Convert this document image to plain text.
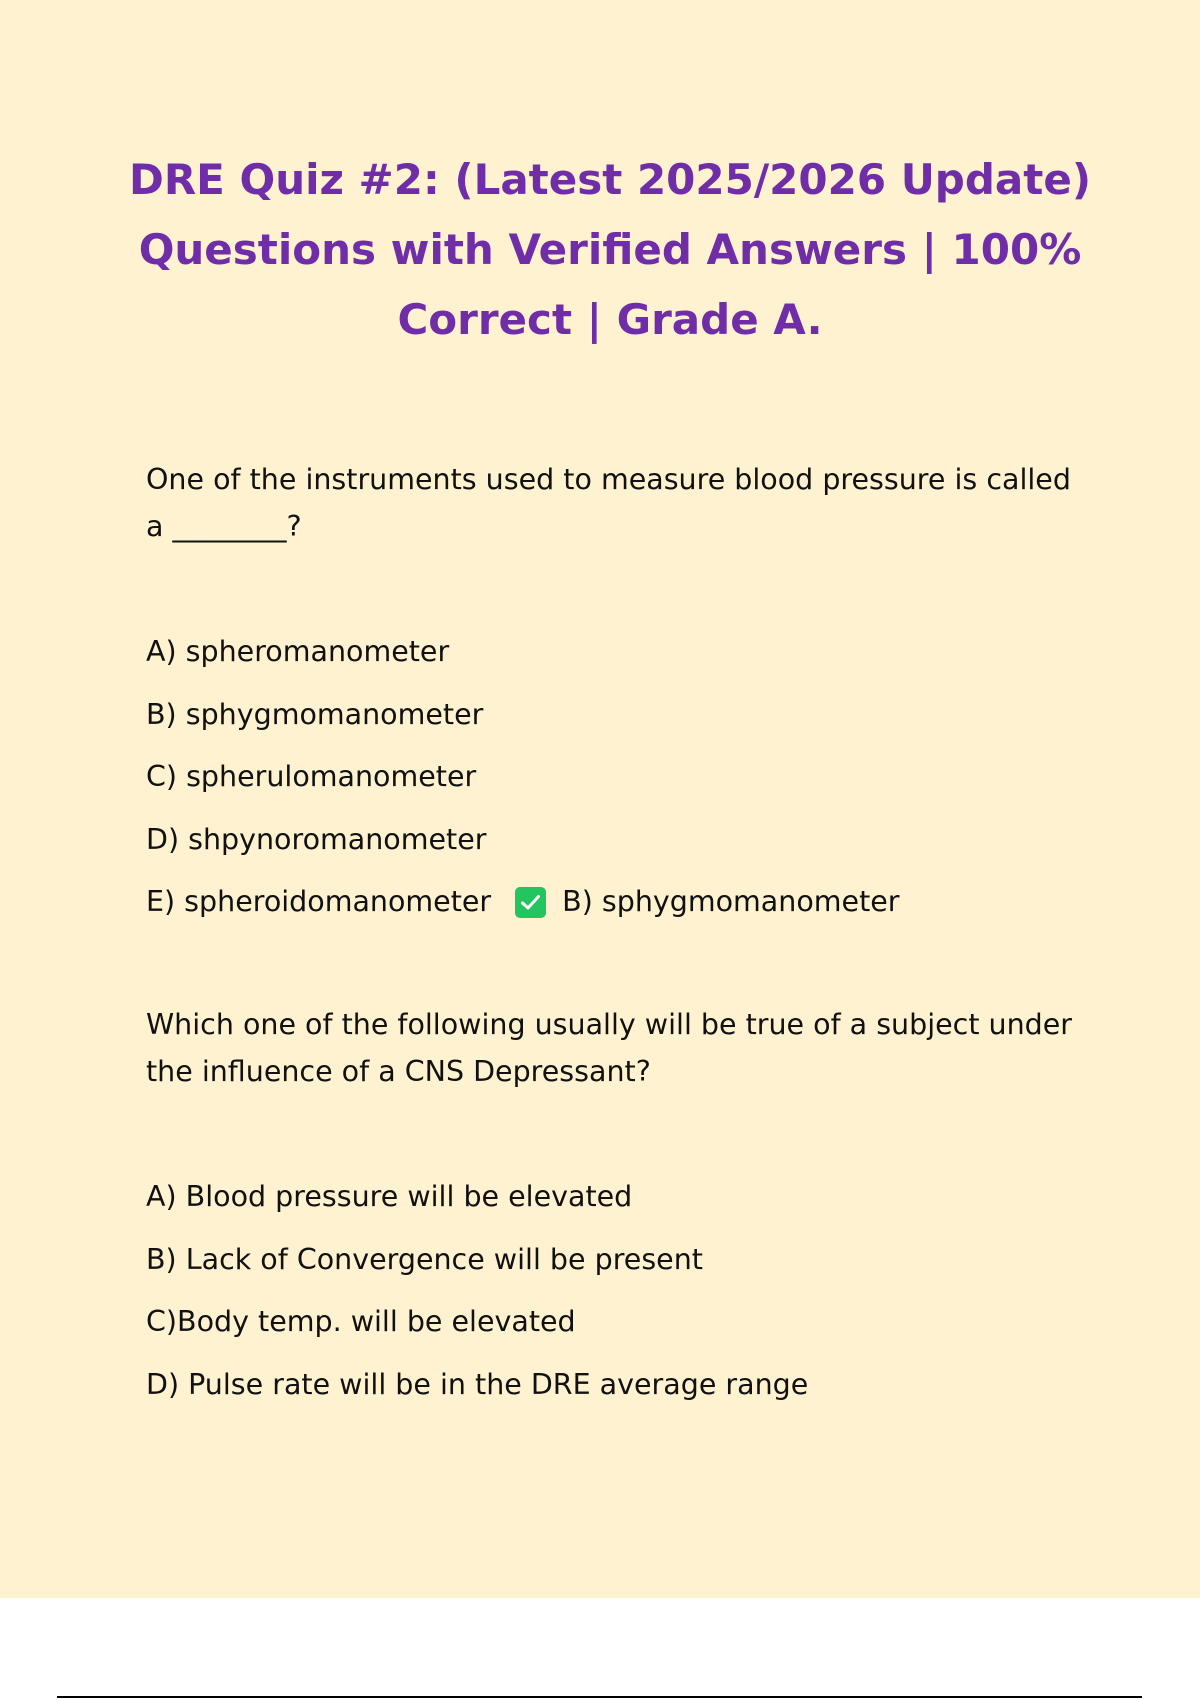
DRE Quiz #2: (Latest 2025/2026 Update)
Questions with Verified Answers | 100%
Correct | Grade A.

One of the instruments used to measure blood pressure is called
a ________?

A) spheromanometer
B) sphygmomanometer
C) spherulomanometer
D) shpynoromanometer
E) spheroidomanometer B) sphygmomanometer

Which one of the following usually will be true of a subject under
the influence of a CNS Depressant?

A) Blood pressure will be elevated
B) Lack of Convergence will be present
C)Body temp. will be elevated
D) Pulse rate will be in the DRE average range
